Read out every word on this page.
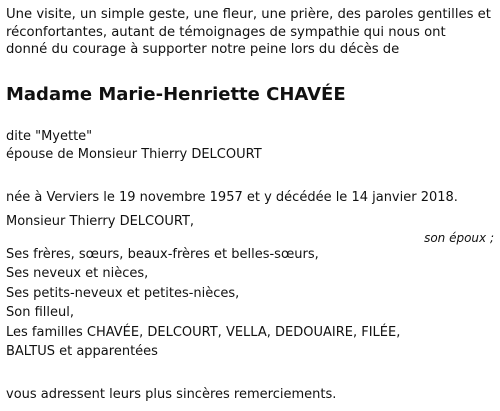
Une visite, un simple geste, une fleur, une prière, des paroles gentilles et
réconfortantes, autant de témoignages de sympathie qui nous ont
donné du courage à supporter notre peine lors du décès de
Madame Marie-Henriette CHAVÉE
dite "Myette"
épouse de Monsieur Thierry DELCOURT
née à Verviers le 19 novembre 1957 et y décédée le 14 janvier 2018.
Monsieur Thierry DELCOURT,
son époux ;
Ses frères, sœurs, beaux-frères et belles-sœurs,
Ses neveux et nièces,
Ses petits-neveux et petites-nièces,
Son filleul,
Les familles CHAVÉE, DELCOURT, VELLA, DEDOUAIRE, FILÉE,
BALTUS et apparentées
vous adressent leurs plus sincères remerciements.
